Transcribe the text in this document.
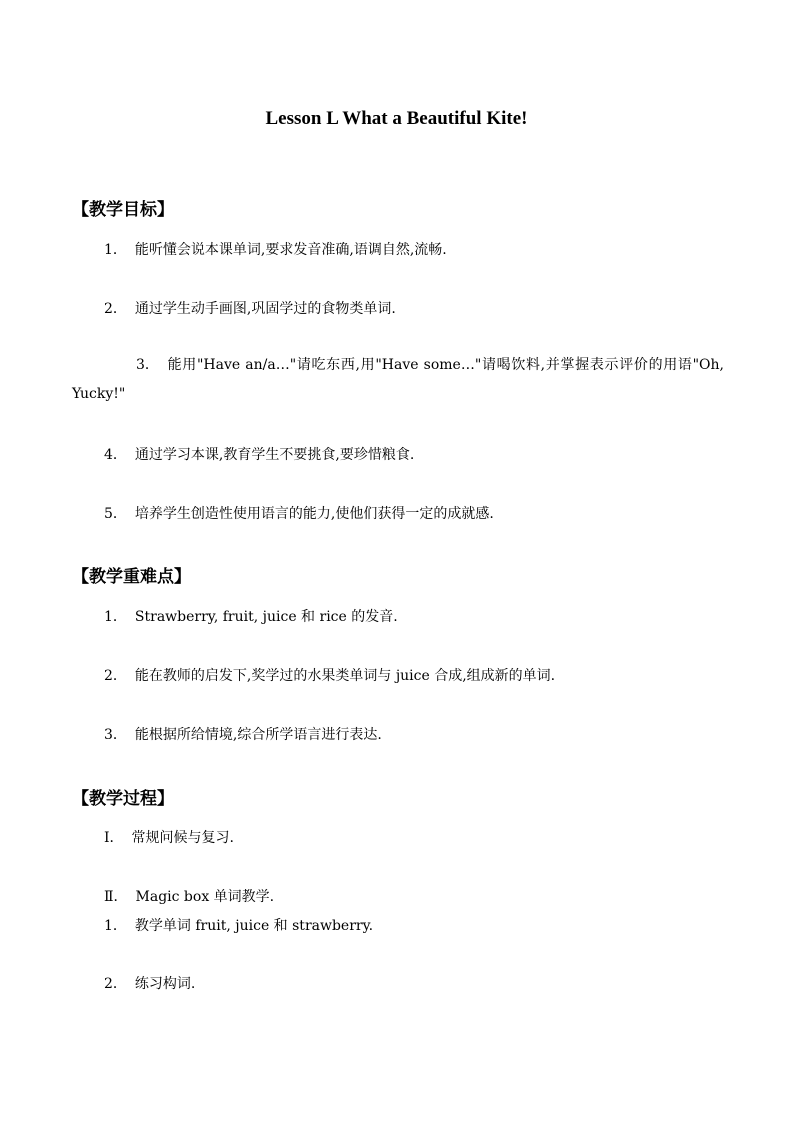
Lesson L What a Beautiful Kite!
【教学目标】

1． 能听懂会说本课单词,要求发音准确,语调自然,流畅.

2． 通过学生动手画图,巩固学过的食物类单词.

3． 能用"Have an/a…"请吃东西,用"Have some…"请喝饮料,并掌握表示评价的用语"Oh, Yucky!"

4． 通过学习本课,教育学生不要挑食,要珍惜粮食.

5． 培养学生创造性使用语言的能力,使他们获得一定的成就感.

【教学重难点】

1． Strawberry, fruit, juice 和 rice 的发音.

2． 能在教师的启发下,奖学过的水果类单词与 juice 合成,组成新的单词.

3． 能根据所给情境,综合所学语言进行表达.

【教学过程】

Ⅰ． 常规问候与复习.

Ⅱ． Magic box 单词教学.

1． 教学单词 fruit, juice 和 strawberry.

2． 练习构词.
